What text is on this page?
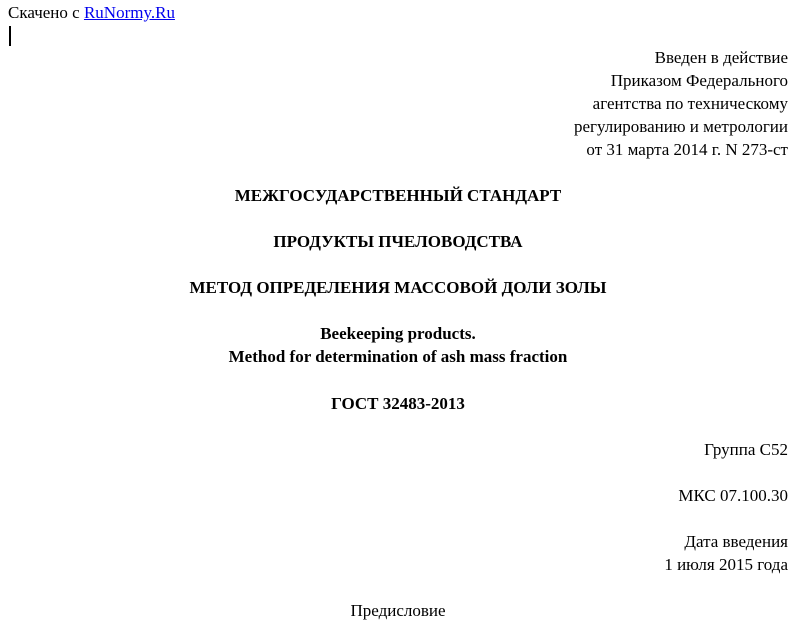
Скачено с RuNormy.Ru
Введен в действие
Приказом Федерального
агентства по техническому
регулированию и метрологии
от 31 марта 2014 г. N 273-ст
МЕЖГОСУДАРСТВЕННЫЙ СТАНДАРТ
ПРОДУКТЫ ПЧЕЛОВОДСТВА
МЕТОД ОПРЕДЕЛЕНИЯ МАССОВОЙ ДОЛИ ЗОЛЫ
Beekeeping products.
Method for determination of ash mass fraction
ГОСТ 32483-2013
Группа С52
МКС 07.100.30
Дата введения
1 июля 2015 года
Предисловие
